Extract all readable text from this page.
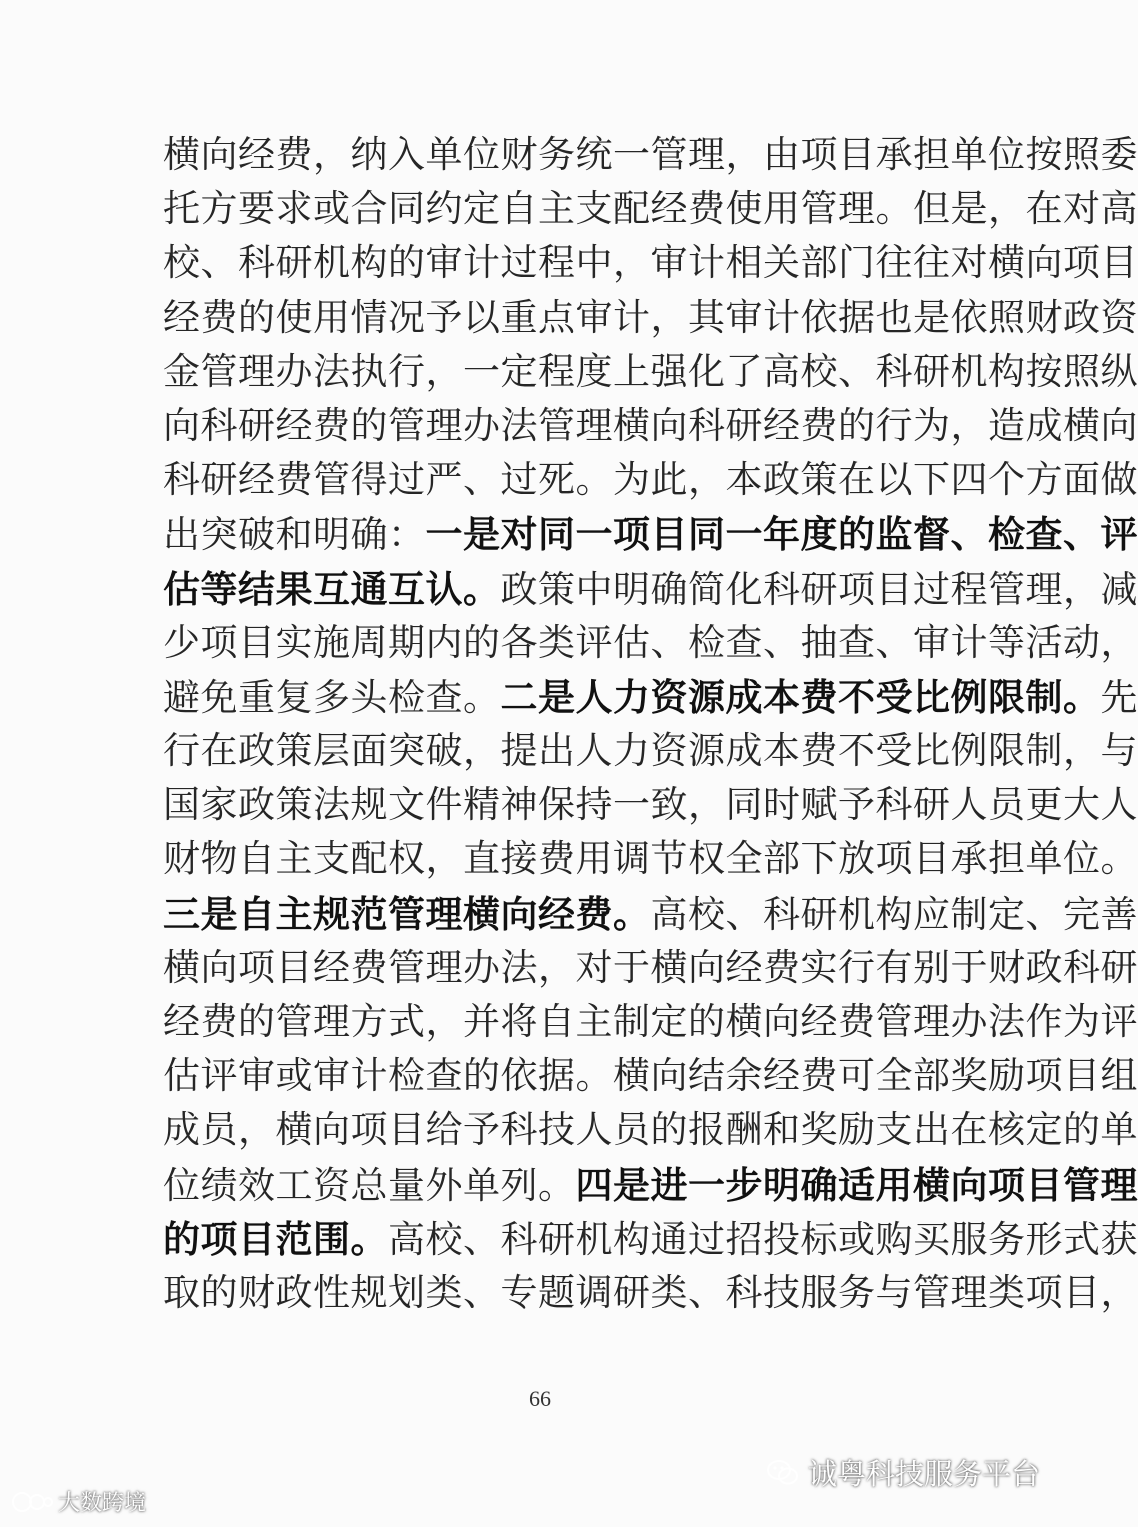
横向经费，纳入单位财务统一管理，由项目承担单位按照委
托方要求或合同约定自主支配经费使用管理。但是，在对高
校、科研机构的审计过程中，审计相关部门往往对横向项目
经费的使用情况予以重点审计，其审计依据也是依照财政资
金管理办法执行，一定程度上强化了高校、科研机构按照纵
向科研经费的管理办法管理横向科研经费的行为，造成横向
科研经费管得过严、过死。为此，本政策在以下四个方面做
出突破和明确：一是对同一项目同一年度的监督、检查、评
估等结果互通互认。政策中明确简化科研项目过程管理，减
少项目实施周期内的各类评估、检查、抽查、审计等活动，
避免重复多头检查。二是人力资源成本费不受比例限制。先
行在政策层面突破，提出人力资源成本费不受比例限制，与
国家政策法规文件精神保持一致，同时赋予科研人员更大人
财物自主支配权，直接费用调节权全部下放项目承担单位。
三是自主规范管理横向经费。高校、科研机构应制定、完善
横向项目经费管理办法，对于横向经费实行有别于财政科研
经费的管理方式，并将自主制定的横向经费管理办法作为评
估评审或审计检查的依据。横向结余经费可全部奖励项目组
成员，横向项目给予科技人员的报酬和奖励支出在核定的单
位绩效工资总量外单列。四是进一步明确适用横向项目管理
的项目范围。高校、科研机构通过招投标或购买服务形式获
取的财政性规划类、专题调研类、科技服务与管理类项目，
66
诚粤科技服务平台
大数跨境
